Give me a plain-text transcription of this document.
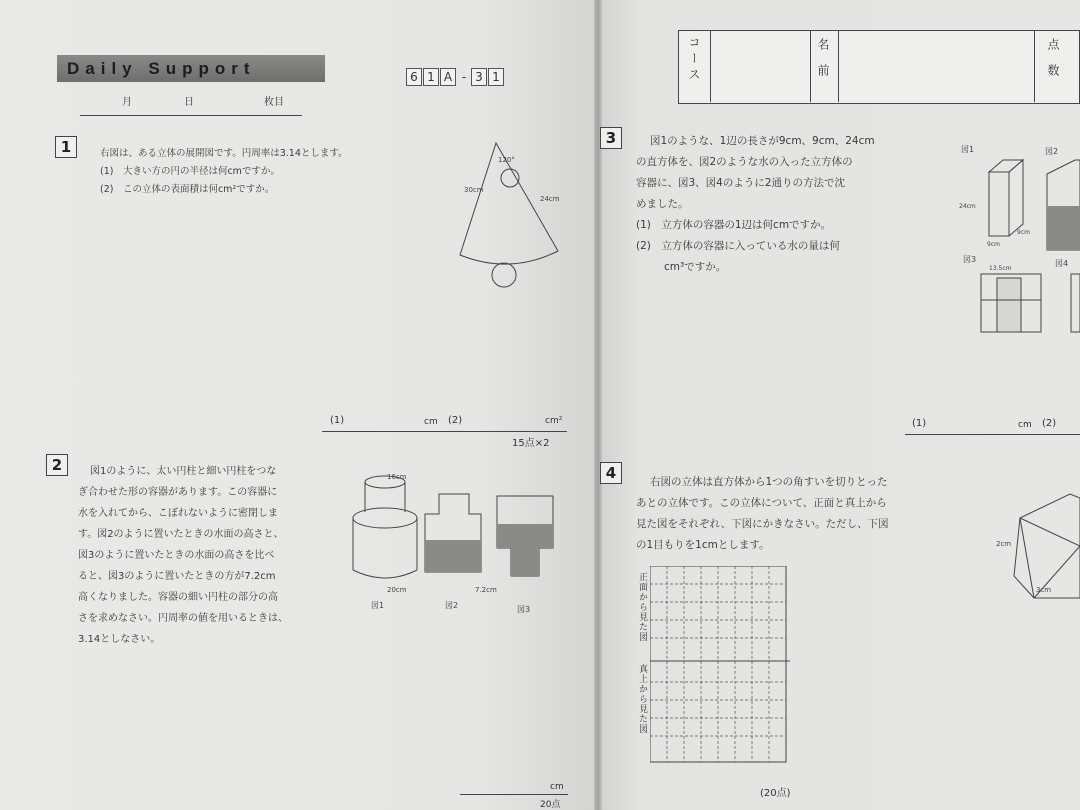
Daily Support
月	日	枚目
6 1 A - 3 1	コース	名前	点数
1	右図は、ある立体の展開図です。円周率は3.14とします。
(1)　大きい方の円の半径は何cmですか。
(2)　この立体の表面積は何cm²ですか。	30cm
24cm
120°
(1)	cm (2)	cm²
15点×2
2	図1のように、太い円柱と細い円柱をつな
ぎ合わせた形の容器があります。この容器に
水を入れてから、こぼれないように密閉しま
す。図2のように置いたときの水面の高さと、
図3のように置いたときの水面の高さを比べ
ると、図3のように置いたときの方が7.2cm
高くなりました。容器の細い円柱の部分の高
さを求めなさい。円周率の値を用いるときは、
3.14としなさい。
16cm
20cm
図1	図2
7.2cm
図3
cm
20点
3	図1のような、1辺の長さが9cm、9cm、24cm
の直方体を、図2のような水の入った立方体の
容器に、図3、図4のように2通りの方法で沈
めました。
(1)　立方体の容器の1辺は何cmですか。
(2)　立方体の容器に入っている水の量は何
cm³ですか。
図1	図2
24cm
9cm
9cm
図3	図4
13.5cm
(1)	cm (2)
4	右図の立体は直方体から1つの角すいを切りとった
あとの立体です。この立体について、正面と真上から
見た図をそれぞれ、下図にかきなさい。ただし、下図
の1目もりを1cmとします。
正面から見た図
真上から見た図
(20点)
2cm
3cm
